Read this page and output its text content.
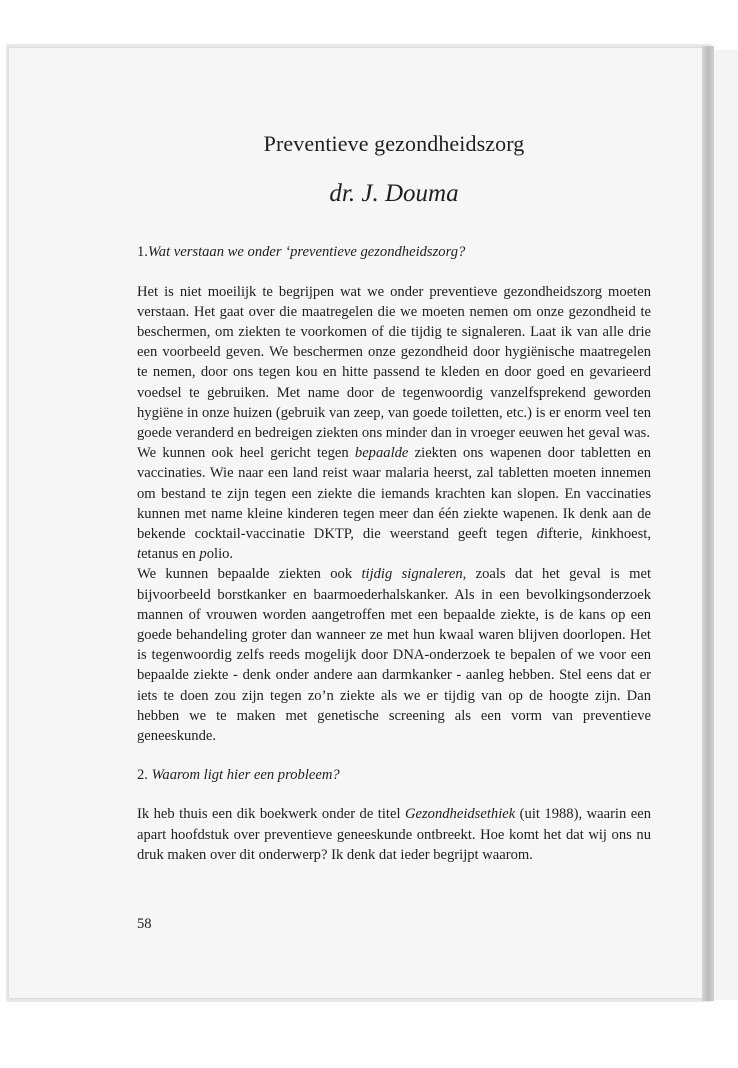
Preventieve gezondheidszorg
dr. J. Douma
1.Wat verstaan we onder ‘preventieve gezondheidszorg?

Het is niet moeilijk te begrijpen wat we onder preventieve gezondheidszorg moeten verstaan. Het gaat over die maatregelen die we moeten nemen om onze gezondheid te beschermen, om ziekten te voorkomen of die tijdig te signaleren. Laat ik van alle drie een voorbeeld geven. We beschermen onze gezondheid door hygiënische maatregelen te nemen, door ons tegen kou en hitte passend te kleden en door goed en gevarieerd voedsel te gebruiken. Met name door de tegenwoordig vanzelfsprekend geworden hygiëne in onze huizen (gebruik van zeep, van goede toiletten, etc.) is er enorm veel ten goede veranderd en bedreigen ziekten ons minder dan in vroeger eeuwen het geval was.

We kunnen ook heel gericht tegen bepaalde ziekten ons wapenen door tabletten en vaccinaties. Wie naar een land reist waar malaria heerst, zal tabletten moeten innemen om bestand te zijn tegen een ziekte die iemands krachten kan slopen. En vaccinaties kunnen met name kleine kinderen tegen meer dan één ziekte wapenen. Ik denk aan de bekende cocktail-vaccinatie DKTP, die weerstand geeft tegen difterie, kinkhoest, tetanus en polio.

We kunnen bepaalde ziekten ook tijdig signaleren, zoals dat het geval is met bijvoorbeeld borstkanker en baarmoederhalskanker. Als in een bevolkingsonderzoek mannen of vrouwen worden aangetroffen met een bepaalde ziekte, is de kans op een goede behandeling groter dan wanneer ze met hun kwaal waren blijven doorlopen. Het is tegenwoordig zelfs reeds mogelijk door DNA-onderzoek te bepalen of we voor een bepaalde ziekte - denk onder andere aan darmkanker - aanleg hebben. Stel eens dat er iets te doen zou zijn tegen zo’n ziekte als we er tijdig van op de hoogte zijn. Dan hebben we te maken met genetische screening als een vorm van preventieve geneeskunde.

2. Waarom ligt hier een probleem?

Ik heb thuis een dik boekwerk onder de titel Gezondheidsethiek (uit 1988), waarin een apart hoofdstuk over preventieve geneeskunde ontbreekt. Hoe komt het dat wij ons nu druk maken over dit onderwerp? Ik denk dat ieder begrijpt waarom.

58
